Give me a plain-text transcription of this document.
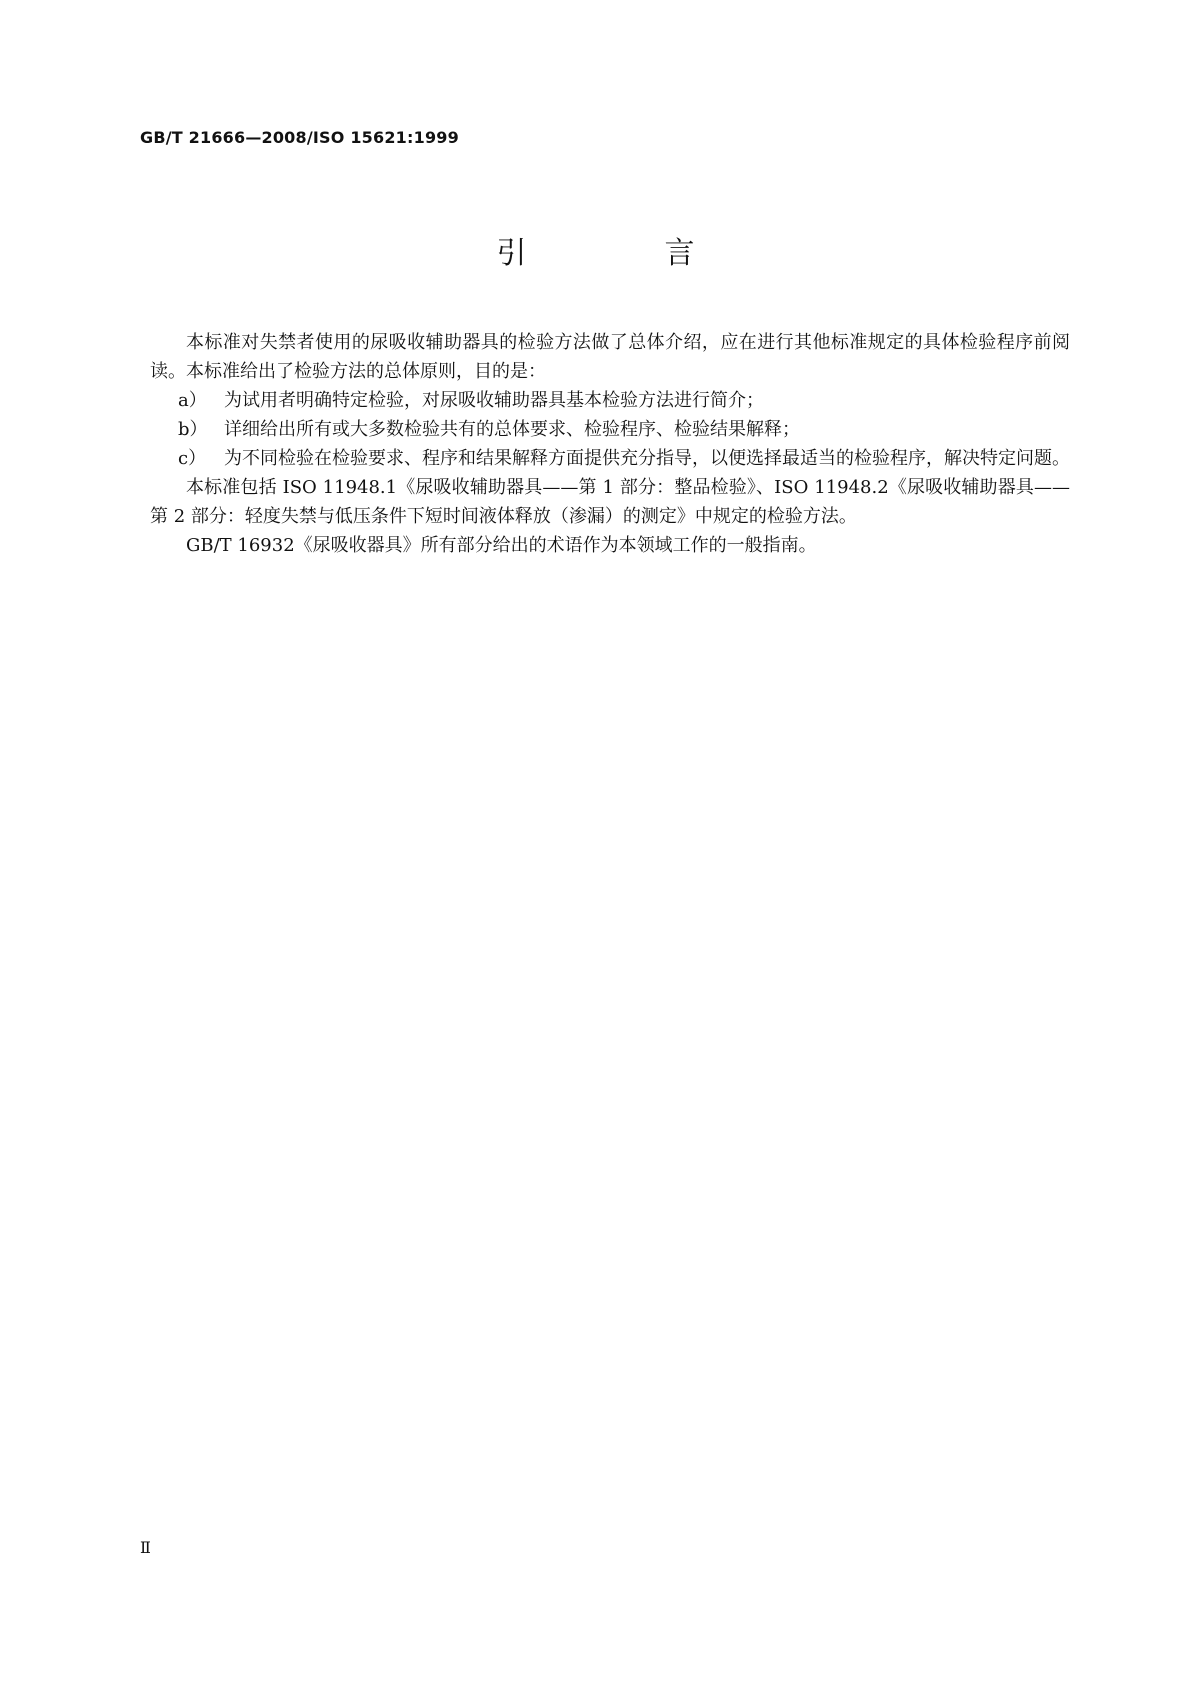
GB/T 21666—2008/ISO 15621:1999
引　言

本标准对失禁者使用的尿吸收辅助器具的检验方法做了总体介绍，应在进行其他标准规定的具体检验程序前阅读。本标准给出了检验方法的总体原则，目的是：

a） 为试用者明确特定检验，对尿吸收辅助器具基本检验方法进行简介；
b） 详细给出所有或大多数检验共有的总体要求、检验程序、检验结果解释；
c） 为不同检验在检验要求、程序和结果解释方面提供充分指导，以便选择最适当的检验程序，解决特定问题。

本标准包括 ISO 11948.1《尿吸收辅助器具——第 1 部分：整品检验》、ISO 11948.2《尿吸收辅助器具——第 2 部分：轻度失禁与低压条件下短时间液体释放（渗漏）的测定》中规定的检验方法。

GB/T 16932《尿吸收器具》所有部分给出的术语作为本领域工作的一般指南。

Ⅱ
